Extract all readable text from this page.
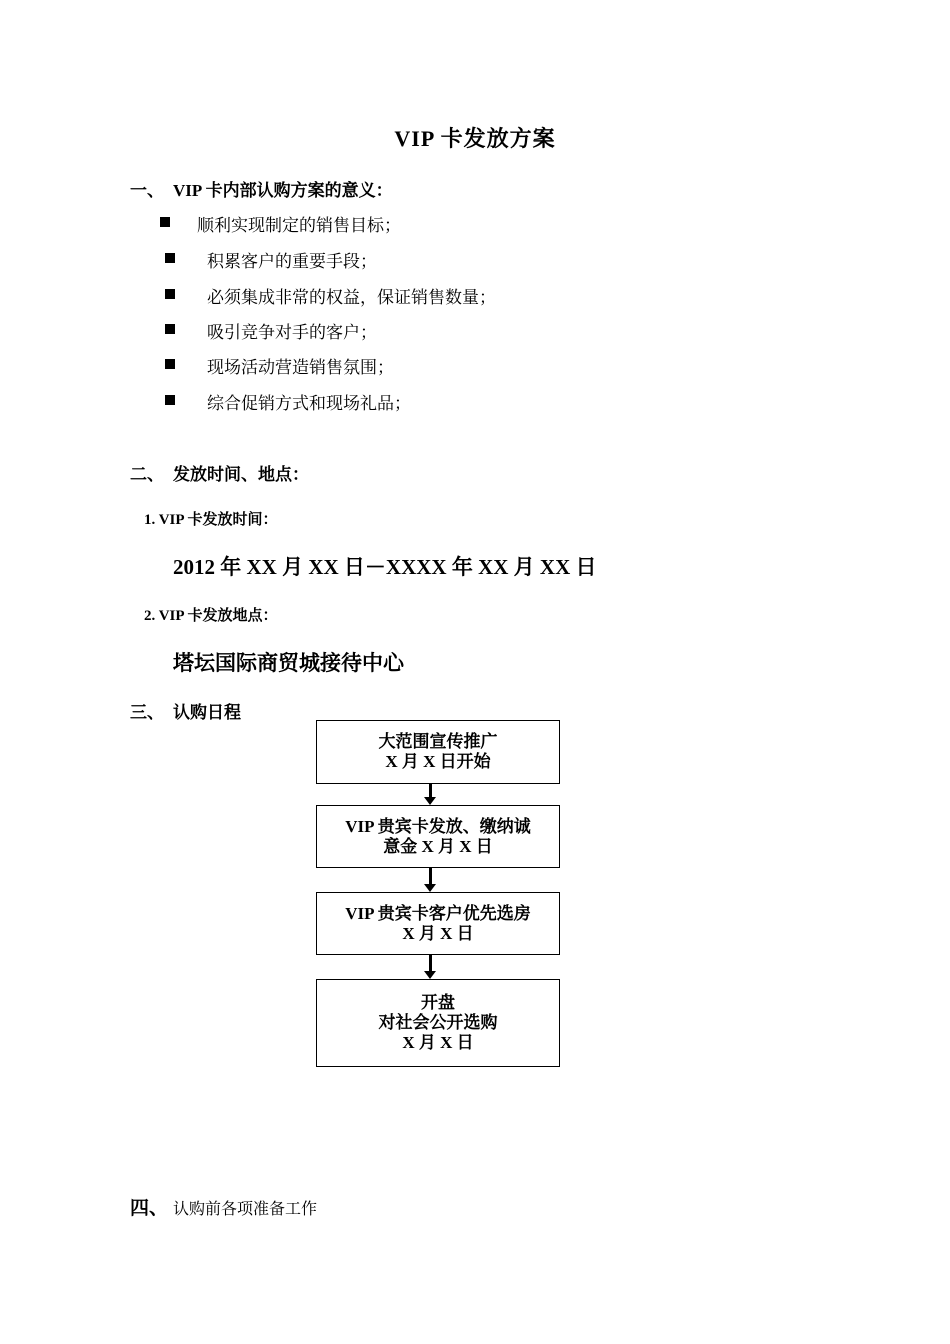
VIP 卡发放方案
一、 VIP 卡内部认购方案的意义：
顺利实现制定的销售目标；
积累客户的重要手段；
必须集成非常的权益，保证销售数量；
吸引竞争对手的客户；
现场活动营造销售氛围；
综合促销方式和现场礼品；
二、 发放时间、地点：
1. VIP 卡发放时间：
2012 年 XX 月 XX 日－XXXX 年 XX 月 XX 日
2. VIP 卡发放地点：
塔坛国际商贸城接待中心
三、 认购日程
大范围宣传推广
X 月 X 日开始
VIP 贵宾卡发放、缴纳诚
意金 X 月 X 日
VIP 贵宾卡客户优先选房
X 月 X 日
开盘
对社会公开选购
X 月 X 日
四、 认购前各项准备工作
